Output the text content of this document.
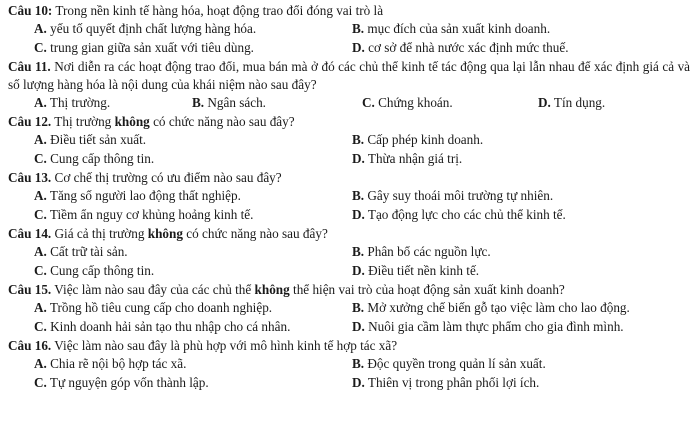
Câu 10: Trong nền kinh tế hàng hóa, hoạt động trao đổi đóng vai trò là

A. yếu tố quyết định chất lượng hàng hóa.	B. mục đích của sản xuất kinh doanh.
C. trung gian giữa sản xuất với tiêu dùng.	D. cơ sở để nhà nước xác định mức thuế.

Câu 11. Nơi diễn ra các hoạt động trao đổi, mua bán mà ở đó các chủ thể kinh tế tác động qua lại lẫn nhau để xác định giá cả và số lượng hàng hóa là nội dung của khái niệm nào sau đây?

A. Thị trường.	B. Ngân sách.	C. Chứng khoán.	D. Tín dụng.

Câu 12. Thị trường không có chức năng nào sau đây?

A. Điều tiết sản xuất.	B. Cấp phép kinh doanh.
C. Cung cấp thông tin.	D. Thừa nhận giá trị.

Câu 13. Cơ chế thị trường có ưu điểm nào sau đây?

A. Tăng số người lao động thất nghiệp.	B. Gây suy thoái môi trường tự nhiên.
C. Tiềm ẩn nguy cơ khủng hoảng kinh tế.	D. Tạo động lực cho các chủ thể kinh tế.

Câu 14. Giá cả thị trường không có chức năng nào sau đây?

A. Cất trữ tài sản.	B. Phân bổ các nguồn lực.
C. Cung cấp thông tin.	D. Điều tiết nền kinh tế.

Câu 15. Việc làm nào sau đây của các chủ thể không thể hiện vai trò của hoạt động sản xuất kinh doanh?

A. Trồng hồ tiêu cung cấp cho doanh nghiệp.	B. Mở xưởng chế biến gỗ tạo việc làm cho lao động.
C. Kinh doanh hải sản tạo thu nhập cho cá nhân.	D. Nuôi gia cầm làm thực phẩm cho gia đình mình.

Câu 16. Việc làm nào sau đây là phù hợp với mô hình kinh tế hợp tác xã?

A. Chia rẽ nội bộ hợp tác xã.	B. Độc quyền trong quản lí sản xuất.
C. Tự nguyện góp vốn thành lập.	D. Thiên vị trong phân phối lợi ích.
